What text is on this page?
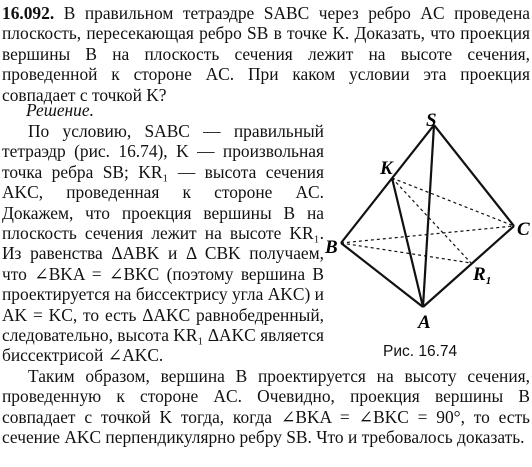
16.092. В правильном тетраэдре SABC через ребро AC проведена плоскость, пересекающая ребро SB в точке K. Доказать, что проекция вершины B на плоскость сечения лежит на высоте сечения, проведенной к стороне AC. При каком условии эта проекция совпадает с точкой K?
Решение.

По условию, SABC — правильный тетраэдр (рис. 16.74), K — произвольная точка ребра SB; KR₁ — высота сечения AKC, проведенная к стороне AC. Докажем, что проекция вершины B на плоскость сечения лежит на высоте KR₁. Из равенства ΔABK и Δ CBK получаем, что ∠BKA = ∠BKC (поэтому вершина B проектируется на биссектрису угла AKC) и AK = KC, то есть ΔAKC равнобедренный, следовательно, высота KR₁ ΔAKC является биссектрисой ∠AKC.

S
K
B
C
$R_1$
A
Рис. 16.74

Таким образом, вершина B проектируется на высоту сечения, проведенную к стороне AC. Очевидно, проекция вершины B совпадает с точкой K тогда, когда ∠BKA = ∠BKC = 90°, то есть сечение AKC перпендикулярно ребру SB. Что и требовалось доказать.
